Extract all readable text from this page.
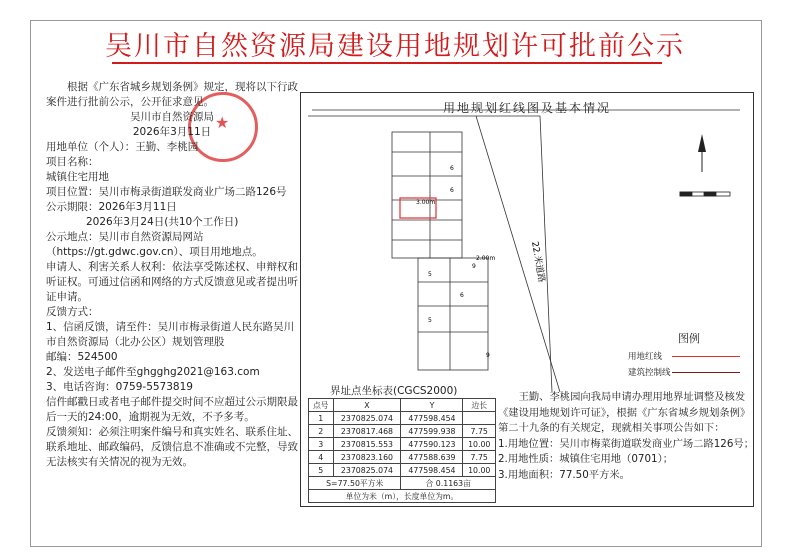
吴川市自然资源局建设用地规划许可批前公示
★

根据《广东省城乡规划条例》规定，现将以下行政案件进行批前公示，公开征求意见。

吴川市自然资源局

2026年3月11日

用地单位（个人）：王勤、李桃园

项目名称：

城镇住宅用地

项目位置：吴川市梅录街道联发商业广场二路126号

公示期限：2026年3月11日

2026年3月24日(共10个工作日)

公示地点：吴川市自然资源局网站（https://gt.gdwc.gov.cn）、项目用地地点。

申请人、利害关系人权利：依法享受陈述权、申辩权和听证权。可通过信函和网络的方式反馈意见或者提出听证申请。

反馈方式：

1、信函反馈，请至件：吴川市梅录街道人民东路吴川市自然资源局（北办公区）规划管理股

邮编：524500

2、发送电子邮件至ghgghg2021@163.com

3、电话咨询：0759-5573819

信件邮戳日或者电子邮件提交时间不应超过公示期限最后一天的24:00，逾期视为无效，不予多考。

反馈须知：必须注明案件编号和真实姓名、联系住址、联系地址、邮政编码，反馈信息不准确或不完整，导致无法核实有关情况的视为无效。

用地规划红线图及基本情况
22.米道路
3.00m
2.00m
6
6
5
9
6
5
9
图例
用地红线
建筑控制线
界址点坐标表(CGCS2000)
点号	X	Y	边长
1	2370825.074	477598.454	
2	2370817.468	477599.938	7.75
3	2370815.553	477590.123	10.00
4	2370823.160	477588.639	7.75
5	2370825.074	477598.454	10.00
S=77.50平方米		合 0.1163亩	
单位为米（m），长度单位为m。			

王勤、李桃园向我局申请办理用地界址调整及核发《建设用地规划许可证》，根据《广东省城乡规划条例》第二十九条的有关规定，现就相关事项公告如下：

1.用地位置：吴川市梅菜街道联发商业广场二路126号；

2.用地性质：城镇住宅用地（0701）；

3.用地面积：77.50平方米。
